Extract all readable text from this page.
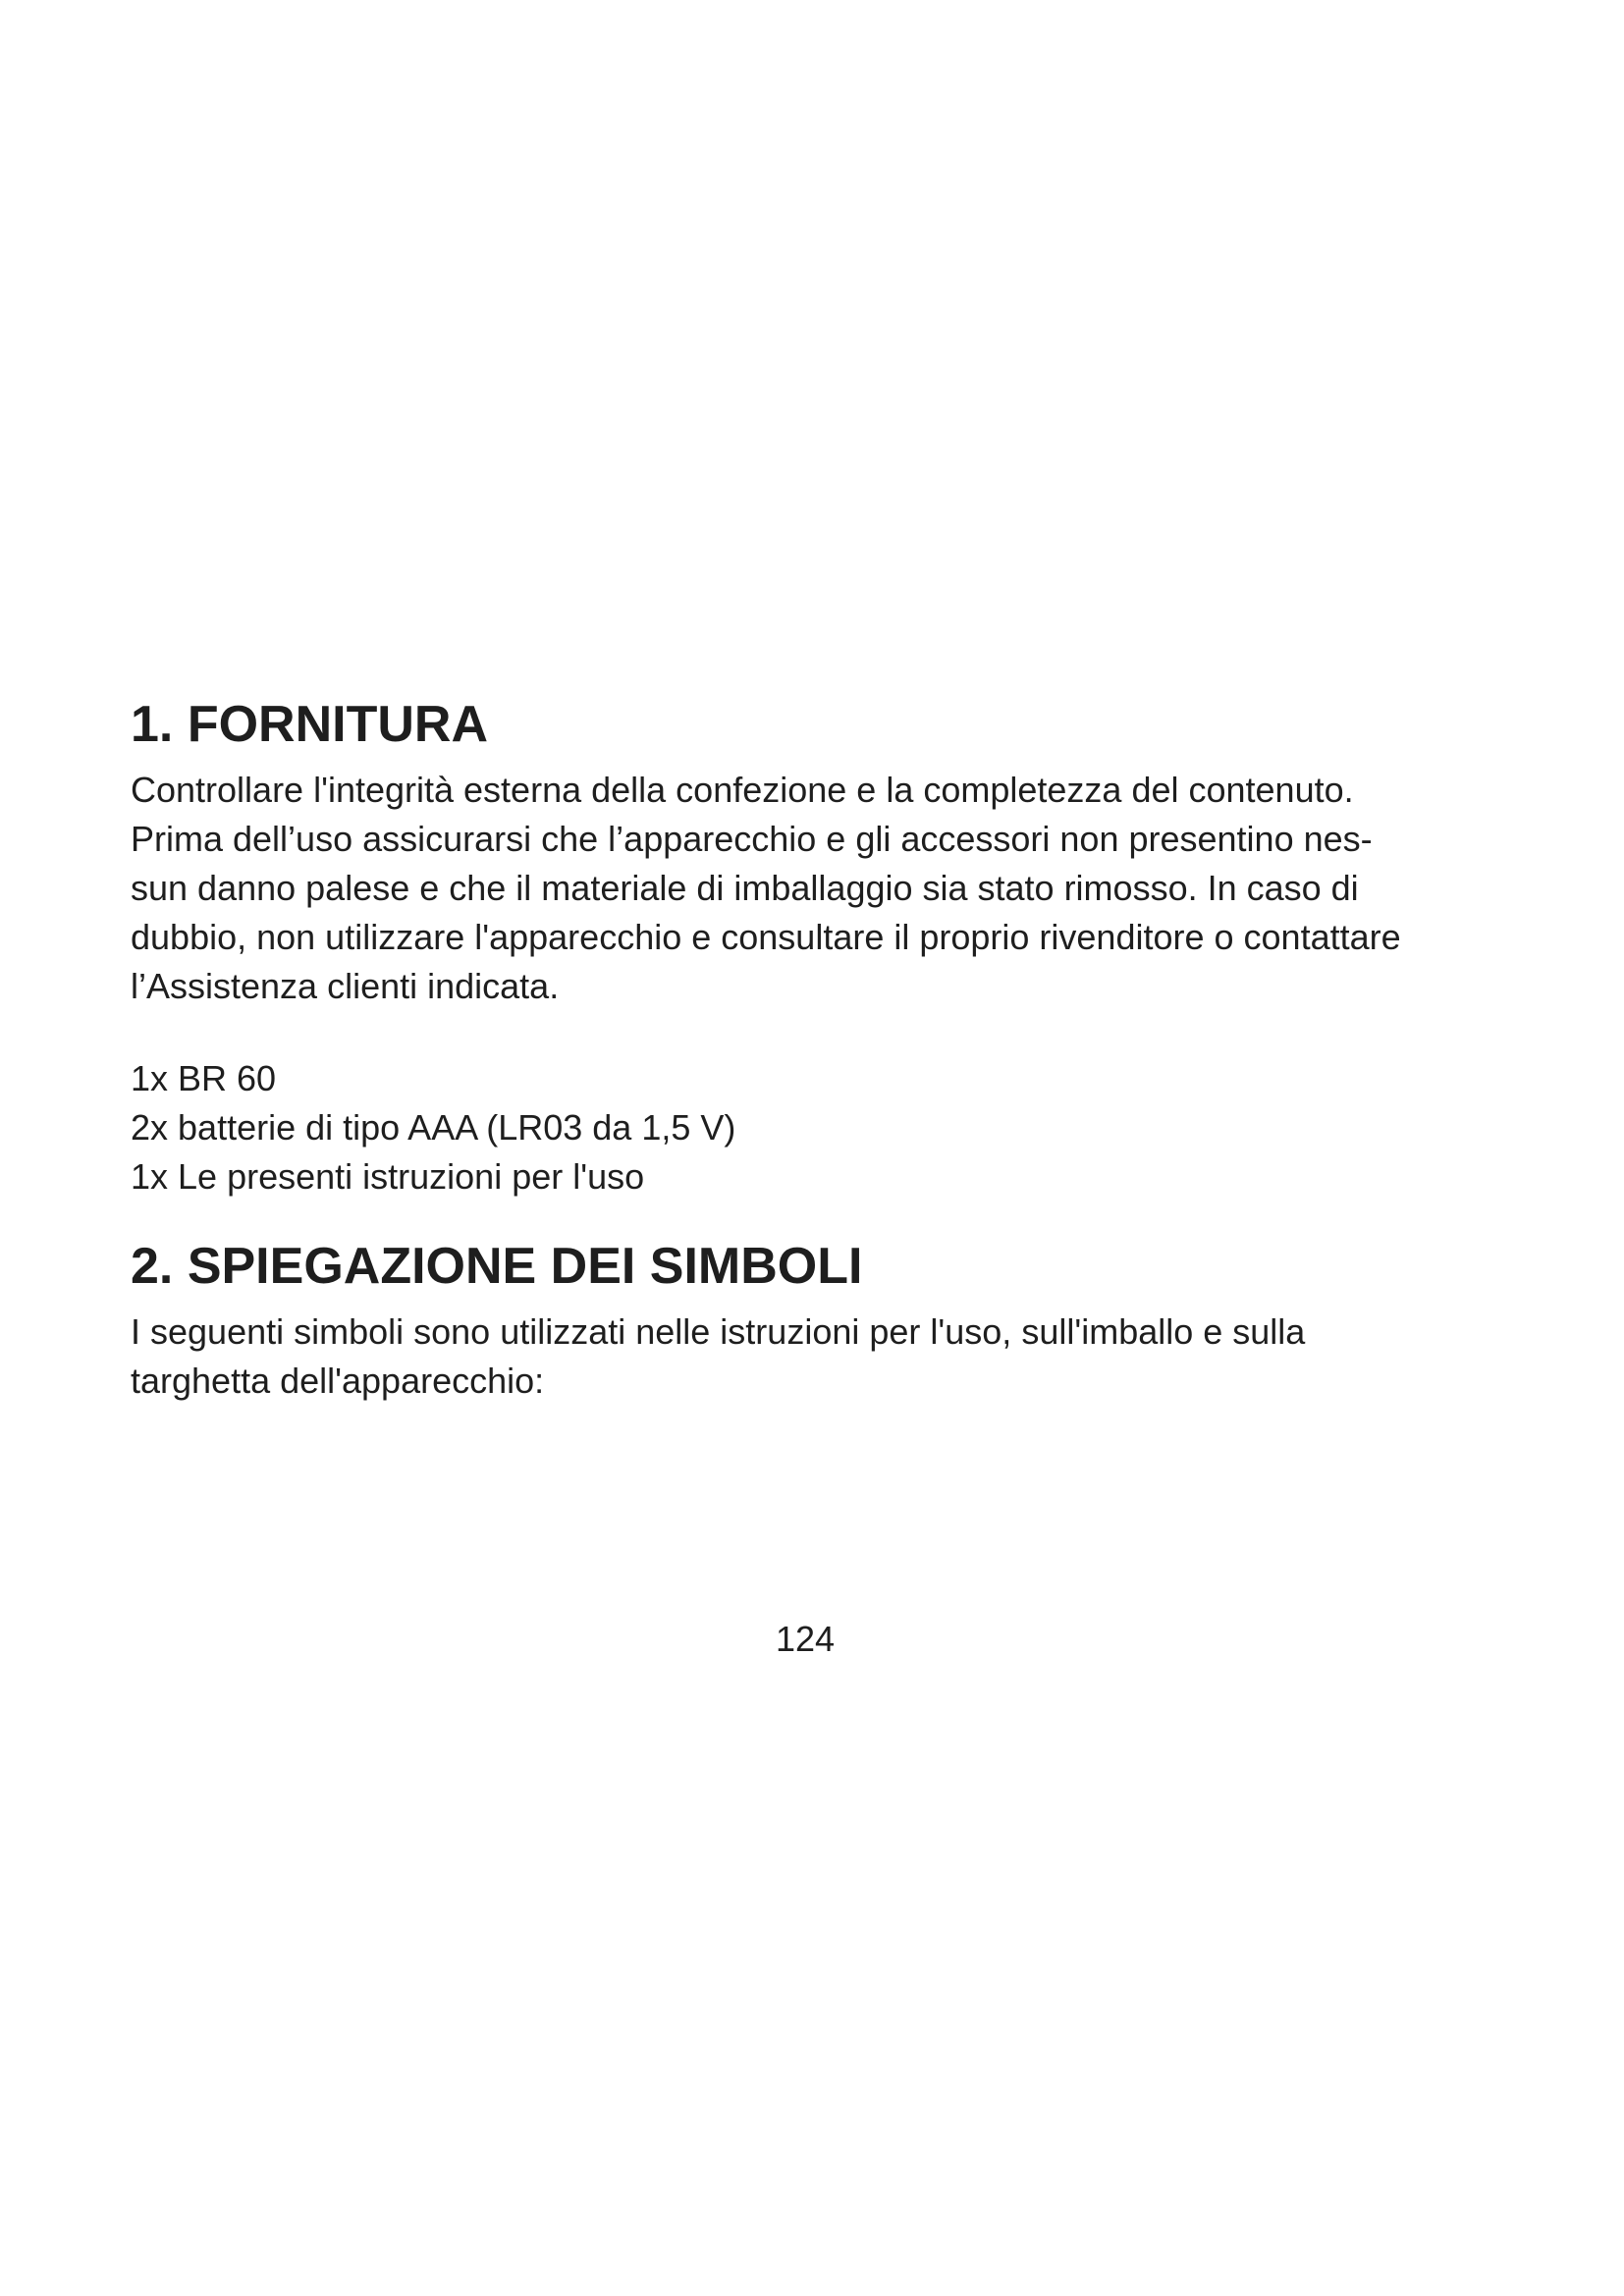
1. FORNITURA

Controllare l'integrità esterna della confezione e la completezza del contenuto.
Prima dell’uso assicurarsi che l’apparecchio e gli accessori non presentino nes-
sun danno palese e che il materiale di imballaggio sia stato rimosso. In caso di
dubbio, non utilizzare l'apparecchio e consultare il proprio rivenditore o contattare
l’Assistenza clienti indicata.

1x BR 60
2x batterie di tipo AAA (LR03 da 1,5 V)
1x Le presenti istruzioni per l'uso

2. SPIEGAZIONE DEI SIMBOLI

I seguenti simboli sono utilizzati nelle istruzioni per l'uso, sull'imballo e sulla
targhetta dell'apparecchio:

124
